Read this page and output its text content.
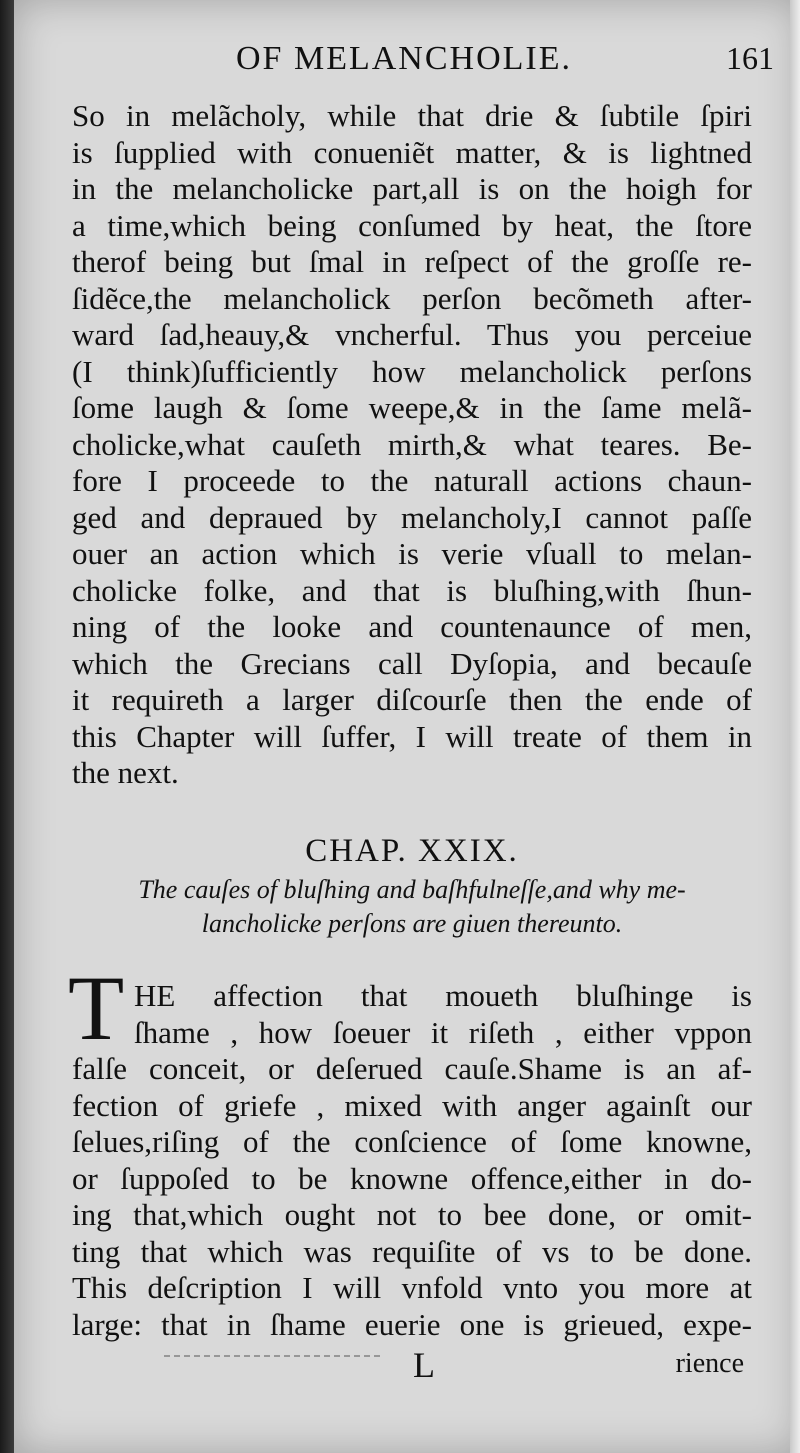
OF MELANCHOLIE.	161
So in melãcholy, while that drie & ſubtile ſpiri
is ſupplied with conueniẽt matter, & is lightned
in the melancholicke part,all is on the hoigh for
a time,which being conſumed by heat, the ſtore
therof being but ſmal in reſpect of the groſſe re-
ſidẽce,the melancholick perſon becõmeth after-
ward ſad,heauy,& vncherful. Thus you perceiue
(I think)ſufficiently how melancholick perſons
ſome laugh & ſome weepe,& in the ſame melã-
cholicke,what cauſeth mirth,& what teares. Be-
fore I proceede to the naturall actions chaun-
ged and depraued by melancholy,I cannot paſſe
ouer an action which is verie vſuall to melan-
cholicke folke, and that is bluſhing,with ſhun-
ning of the looke and countenaunce of men,
which the Grecians call Dyſopia, and becauſe
it requireth a larger diſcourſe then the ende of
this Chapter will ſuffer, I will treate of them in
the next.
CHAP. XXIX.
The cauſes of bluſhing and baſhfulneſſe,and why me-
lancholicke perſons are giuen thereunto.
T HE affection that moueth bluſhinge is
ſhame , how ſoeuer it riſeth , either vppon
falſe conceit, or deſerued cauſe.Shame is an af-
fection of griefe , mixed with anger againſt our
ſelues,riſing of the conſcience of ſome knowne,
or ſuppoſed to be knowne offence,either in do-
ing that,which ought not to bee done, or omit-
ting that which was requiſite of vs to be done.
This deſcription I will vnfold vnto you more at
large: that in ſhame euerie one is grieued, expe-
L	rience
